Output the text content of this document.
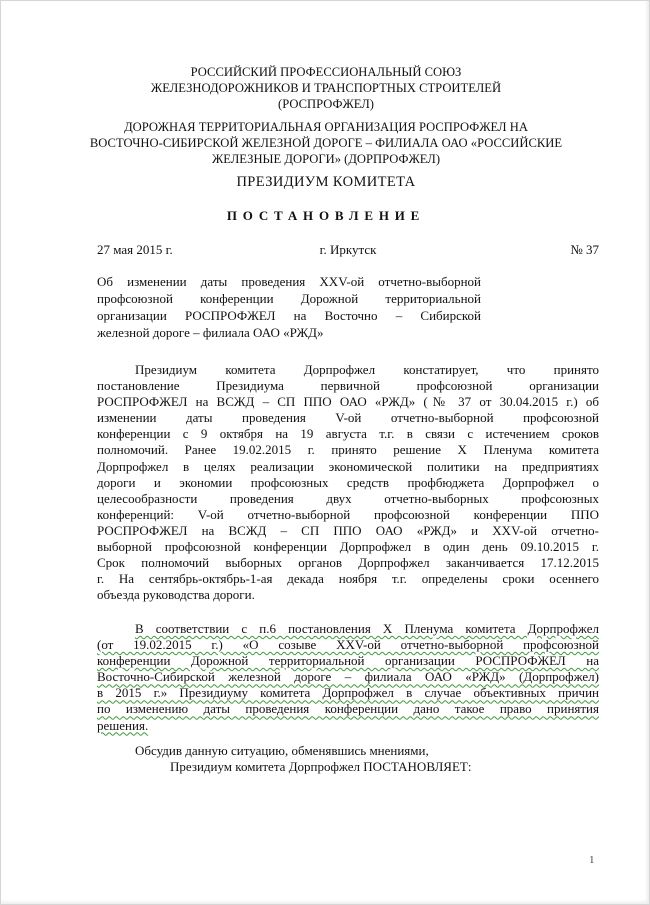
РОССИЙСКИЙ ПРОФЕССИОНАЛЬНЫЙ СОЮЗ
ЖЕЛЕЗНОДОРОЖНИКОВ И ТРАНСПОРТНЫХ СТРОИТЕЛЕЙ
(РОСПРОФЖЕЛ)
ДОРОЖНАЯ ТЕРРИТОРИАЛЬНАЯ ОРГАНИЗАЦИЯ РОСПРОФЖЕЛ НА
ВОСТОЧНО-СИБИРСКОЙ ЖЕЛЕЗНОЙ ДОРОГЕ – ФИЛИАЛА ОАО «РОССИЙСКИЕ
ЖЕЛЕЗНЫЕ ДОРОГИ» (ДОРПРОФЖЕЛ)
ПРЕЗИДИУМ КОМИТЕТА
ПОСТАНОВЛЕНИЕ
27 мая 2015 г.	г. Иркутск	№ 37
Об изменении даты проведения XXV-ой отчетно-выборной
профсоюзной конференции Дорожной территориальной
организации РОСПРОФЖЕЛ на Восточно – Сибирской
железной дороге – филиала ОАО «РЖД»
Президиум комитета Дорпрофжел констатирует, что принято
постановление Президиума первичной профсоюзной организации
РОСПРОФЖЕЛ на ВСЖД – СП ППО ОАО «РЖД» (№ 37 от 30.04.2015 г.) об
изменении даты проведения V-ой отчетно-выборной профсоюзной
конференции с 9 октября на 19 августа т.г. в связи с истечением сроков
полномочий. Ранее 19.02.2015 г. принято решение X Пленума комитета
Дорпрофжел в целях реализации экономической политики на предприятиях
дороги и экономии профсоюзных средств профбюджета Дорпрофжел о
целесообразности проведения двух отчетно-выборных профсоюзных
конференций: V-ой отчетно-выборной профсоюзной конференции ППО
РОСПРОФЖЕЛ на ВСЖД – СП ППО ОАО «РЖД» и XXV-ой отчетно-
выборной профсоюзной конференции Дорпрофжел в один день 09.10.2015 г.
Срок полномочий выборных органов Дорпрофжел заканчивается 17.12.2015
г. На сентябрь-октябрь-1-ая декада ноября т.г. определены сроки осеннего
объезда руководства дороги.
В соответствии с п.6 постановления X Пленума комитета Дорпрофжел
(от 19.02.2015 г.) «О созыве XXV-ой отчетно-выборной профсоюзной
конференции Дорожной территориальной организации РОСПРОФЖЕЛ на
Восточно-Сибирской железной дороге – филиала ОАО «РЖД» (Дорпрофжел)
в 2015 г.» Президиуму комитета Дорпрофжел в случае объективных причин
по изменению даты проведения конференции дано такое право принятия
решения.
Обсудив данную ситуацию, обменявшись мнениями,
Президиум комитета Дорпрофжел ПОСТАНОВЛЯЕТ:
1
